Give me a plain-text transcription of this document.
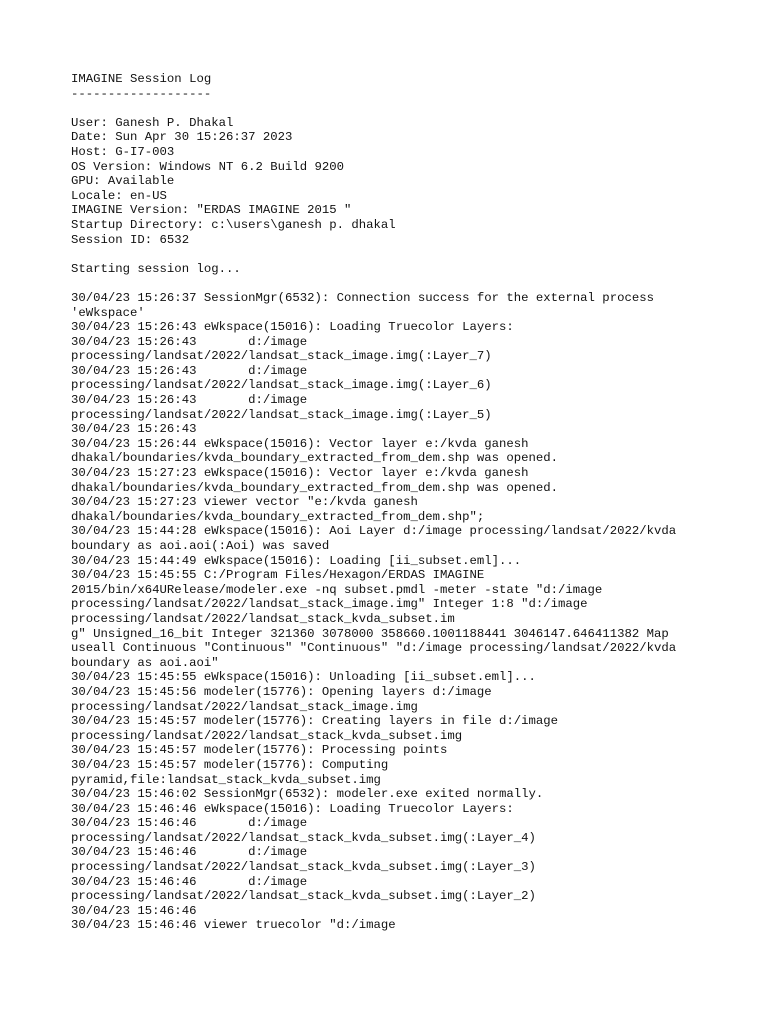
IMAGINE Session Log
-------------------

User: Ganesh P. Dhakal
Date: Sun Apr 30 15:26:37 2023
Host: G-I7-003
OS Version: Windows NT 6.2 Build 9200
GPU: Available
Locale: en-US
IMAGINE Version: "ERDAS IMAGINE 2015 "
Startup Directory: c:\users\ganesh p. dhakal
Session ID: 6532

Starting session log...

30/04/23 15:26:37 SessionMgr(6532): Connection success for the external process
'eWkspace'
30/04/23 15:26:43 eWkspace(15016): Loading Truecolor Layers:
30/04/23 15:26:43       d:/image
processing/landsat/2022/landsat_stack_image.img(:Layer_7)
30/04/23 15:26:43       d:/image
processing/landsat/2022/landsat_stack_image.img(:Layer_6)
30/04/23 15:26:43       d:/image
processing/landsat/2022/landsat_stack_image.img(:Layer_5)
30/04/23 15:26:43
30/04/23 15:26:44 eWkspace(15016): Vector layer e:/kvda ganesh
dhakal/boundaries/kvda_boundary_extracted_from_dem.shp was opened.
30/04/23 15:27:23 eWkspace(15016): Vector layer e:/kvda ganesh
dhakal/boundaries/kvda_boundary_extracted_from_dem.shp was opened.
30/04/23 15:27:23 viewer vector "e:/kvda ganesh
dhakal/boundaries/kvda_boundary_extracted_from_dem.shp";
30/04/23 15:44:28 eWkspace(15016): Aoi Layer d:/image processing/landsat/2022/kvda
boundary as aoi.aoi(:Aoi) was saved
30/04/23 15:44:49 eWkspace(15016): Loading [ii_subset.eml]...
30/04/23 15:45:55 C:/Program Files/Hexagon/ERDAS IMAGINE
2015/bin/x64URelease/modeler.exe -nq subset.pmdl -meter -state "d:/image
processing/landsat/2022/landsat_stack_image.img" Integer 1:8 "d:/image
processing/landsat/2022/landsat_stack_kvda_subset.im
g" Unsigned_16_bit Integer 321360 3078000 358660.1001188441 3046147.646411382 Map
useall Continuous "Continuous" "Continuous" "d:/image processing/landsat/2022/kvda
boundary as aoi.aoi"
30/04/23 15:45:55 eWkspace(15016): Unloading [ii_subset.eml]...
30/04/23 15:45:56 modeler(15776): Opening layers d:/image
processing/landsat/2022/landsat_stack_image.img
30/04/23 15:45:57 modeler(15776): Creating layers in file d:/image
processing/landsat/2022/landsat_stack_kvda_subset.img
30/04/23 15:45:57 modeler(15776): Processing points
30/04/23 15:45:57 modeler(15776): Computing
pyramid,file:landsat_stack_kvda_subset.img
30/04/23 15:46:02 SessionMgr(6532): modeler.exe exited normally.
30/04/23 15:46:46 eWkspace(15016): Loading Truecolor Layers:
30/04/23 15:46:46       d:/image
processing/landsat/2022/landsat_stack_kvda_subset.img(:Layer_4)
30/04/23 15:46:46       d:/image
processing/landsat/2022/landsat_stack_kvda_subset.img(:Layer_3)
30/04/23 15:46:46       d:/image
processing/landsat/2022/landsat_stack_kvda_subset.img(:Layer_2)
30/04/23 15:46:46
30/04/23 15:46:46 viewer truecolor "d:/image
